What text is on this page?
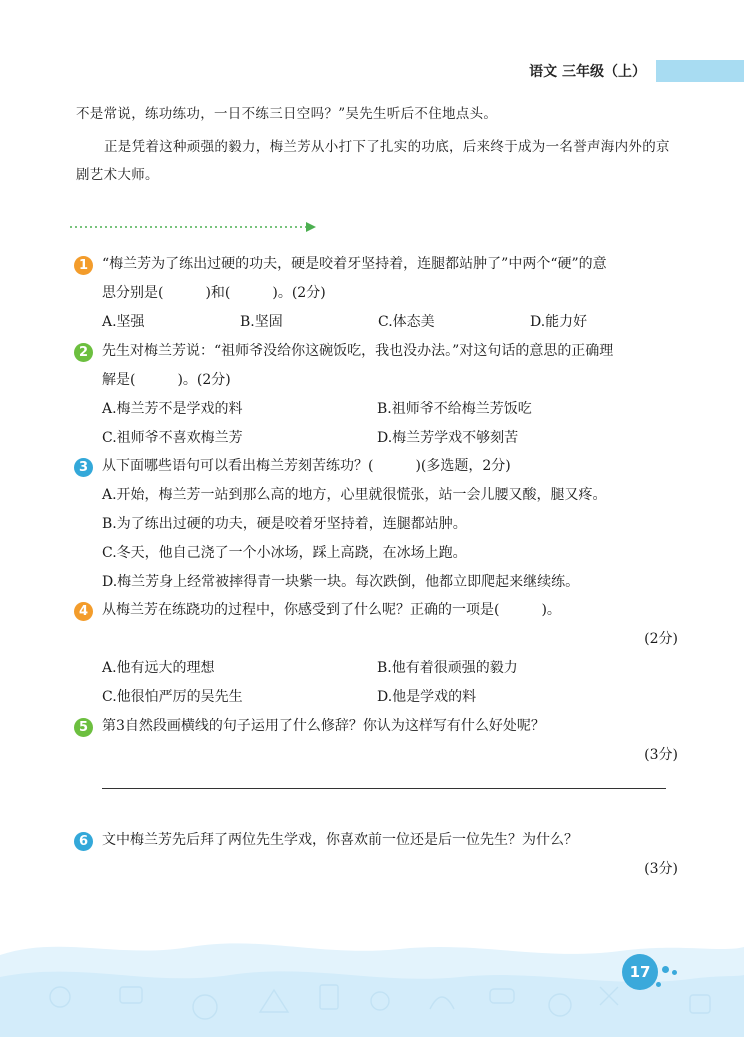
语文 三年级（上）
不是常说，练功练功，一日不练三日空吗？”吴先生听后不住地点头。
正是凭着这种顽强的毅力，梅兰芳从小打下了扎实的功底，后来终于成为一名誉声海内外的京剧艺术大师。
1 “梅兰芳为了练出过硬的功夫，硬是咬着牙坚持着，连腿都站肿了”中两个“硬”的意
思分别是(　　　)和(　　　)。(2分)
A.坚强	B.坚固	C.体态美	D.能力好
2 先生对梅兰芳说：“祖师爷没给你这碗饭吃，我也没办法。”对这句话的意思的正确理
解是(　　　)。(2分)
A.梅兰芳不是学戏的料	B.祖师爷不给梅兰芳饭吃
C.祖师爷不喜欢梅兰芳	D.梅兰芳学戏不够刻苦
3 从下面哪些语句可以看出梅兰芳刻苦练功？(　　　)(多选题，2分)
A.开始，梅兰芳一站到那么高的地方，心里就很慌张，站一会儿腰又酸，腿又疼。
B.为了练出过硬的功夫，硬是咬着牙坚持着，连腿都站肿。
C.冬天，他自己浇了一个小冰场，踩上高跷，在冰场上跑。
D.梅兰芳身上经常被摔得青一块紫一块。每次跌倒，他都立即爬起来继续练。
4 从梅兰芳在练跷功的过程中，你感受到了什么呢？正确的一项是(　　　)。
(2分)
A.他有远大的理想	B.他有着很顽强的毅力
C.他很怕严厉的吴先生	D.他是学戏的料
5 第3自然段画横线的句子运用了什么修辞？你认为这样写有什么好处呢？
(3分)
6 文中梅兰芳先后拜了两位先生学戏，你喜欢前一位还是后一位先生？为什么？
(3分)
17
